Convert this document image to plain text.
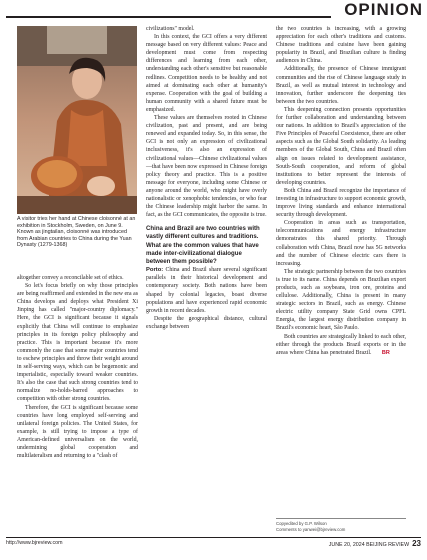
OPINION
A visitor tries her hand at Chinese cloisonné at an exhibition in Stockholm, Sweden, on June 9. Known as jingtailan, cloisonné was introduced from Arabian countries to China during the Yuan Dynasty (1279-1368)

altogether convey a reconcilable set of ethics.

So let's focus briefly on why those principles are being reaffirmed and extended in the new era as China develops and deploys what President Xi Jinping has called "major-country diplomacy." Here, the GCI is significant because it signals explicitly that China will continue to emphasize principles in its foreign policy philosophy and practice. This is important because it's more commonly the case that some major countries tend to eschew principles and throw their weight around in self-serving ways, which can be hegemonic and imperialistic, especially toward weaker countries. It's also the case that such strong countries tend to normalize no-holds-barred approaches to competition with other strong countries.

Therefore, the GCI is significant because some countries have long employed self-serving and unilateral foreign policies. The United States, for example, is still trying to impose a type of American-defined universalism on the world, undermining global cooperation and multilateralism and returning to a "clash of

civilizations" model.

In this context, the GCI offers a very different message based on very different values: Peace and development must come from respecting differences and learning from each other, understanding each other's sensitive but reasonable redlines. Competition needs to be healthy and not aimed at dominating each other at humanity's expense. Cooperation with the goal of building a human community with a shared future must be emphasized.

These values are themselves rooted in Chinese civilization, past and present, and are being renewed and expanded today. So, in this sense, the GCI is not only an expression of civilizational inclusiveness, it's also an expression of civilizational values—Chinese civilizational values—that have been now expressed in Chinese foreign policy theory and practice. This is a positive message for everyone, including some Chinese or anyone around the world, who might have overly nationalistic or xenophobic tendencies, or who fear the Chinese leadership might harbor the same. In fact, as the GCI communicates, the opposite is true.

China and Brazil are two countries with vastly different cultures and traditions. What are the common values that have made inter-civilizational dialogue between them possible?

Porto: China and Brazil share several significant parallels in their historical development and contemporary society. Both nations have been shaped by colonial legacies, boast diverse populations and have experienced rapid economic growth in recent decades.

Despite the geographical distance, cultural exchange between

the two countries is increasing, with a growing appreciation for each other's traditions and customs. Chinese traditions and cuisine have been gaining popularity in Brazil, and Brazilian culture is finding audiences in China.

Additionally, the presence of Chinese immigrant communities and the rise of Chinese language study in Brazil, as well as mutual interest in technology and innovation, further underscore the deepening ties between the two countries.

This deepening connection presents opportunities for further collaboration and understanding between our nations. In addition to Brazil's appreciation of the Five Principles of Peaceful Coexistence, there are other aspects such as the Global South solidarity. As leading members of the Global South, China and Brazil often align on issues related to development assistance, South-South cooperation, and reform of global institutions to better represent the interests of developing countries.

Both China and Brazil recognize the importance of investing in infrastructure to support economic growth, improve living standards and enhance international security through development.

Cooperation in areas such as transportation, telecommunications and energy infrastructure demonstrates this shared priority. Through collaboration with China, Brazil now has 5G networks and the number of Chinese electric cars there is increasing.

The strategic partnership between the two countries is true to its name. China depends on Brazilian export products, such as soybeans, iron ore, proteins and cellulose. Additionally, China is present in many strategic sectors in Brazil, such as energy. Chinese electric utility company State Grid owns CPFL Energia, the largest energy distribution company in Brazil's economic heart, São Paulo.

Both countries are strategically linked to each other, either through the products Brazil exports or in the areas where China has penetrated Brazil. BR

Copyedited by G.P. Wilson
Comments to yanwei@bjreview.com
http://www.bjreview.com	JUNE 20, 2024 BEIJING REVIEW 23
